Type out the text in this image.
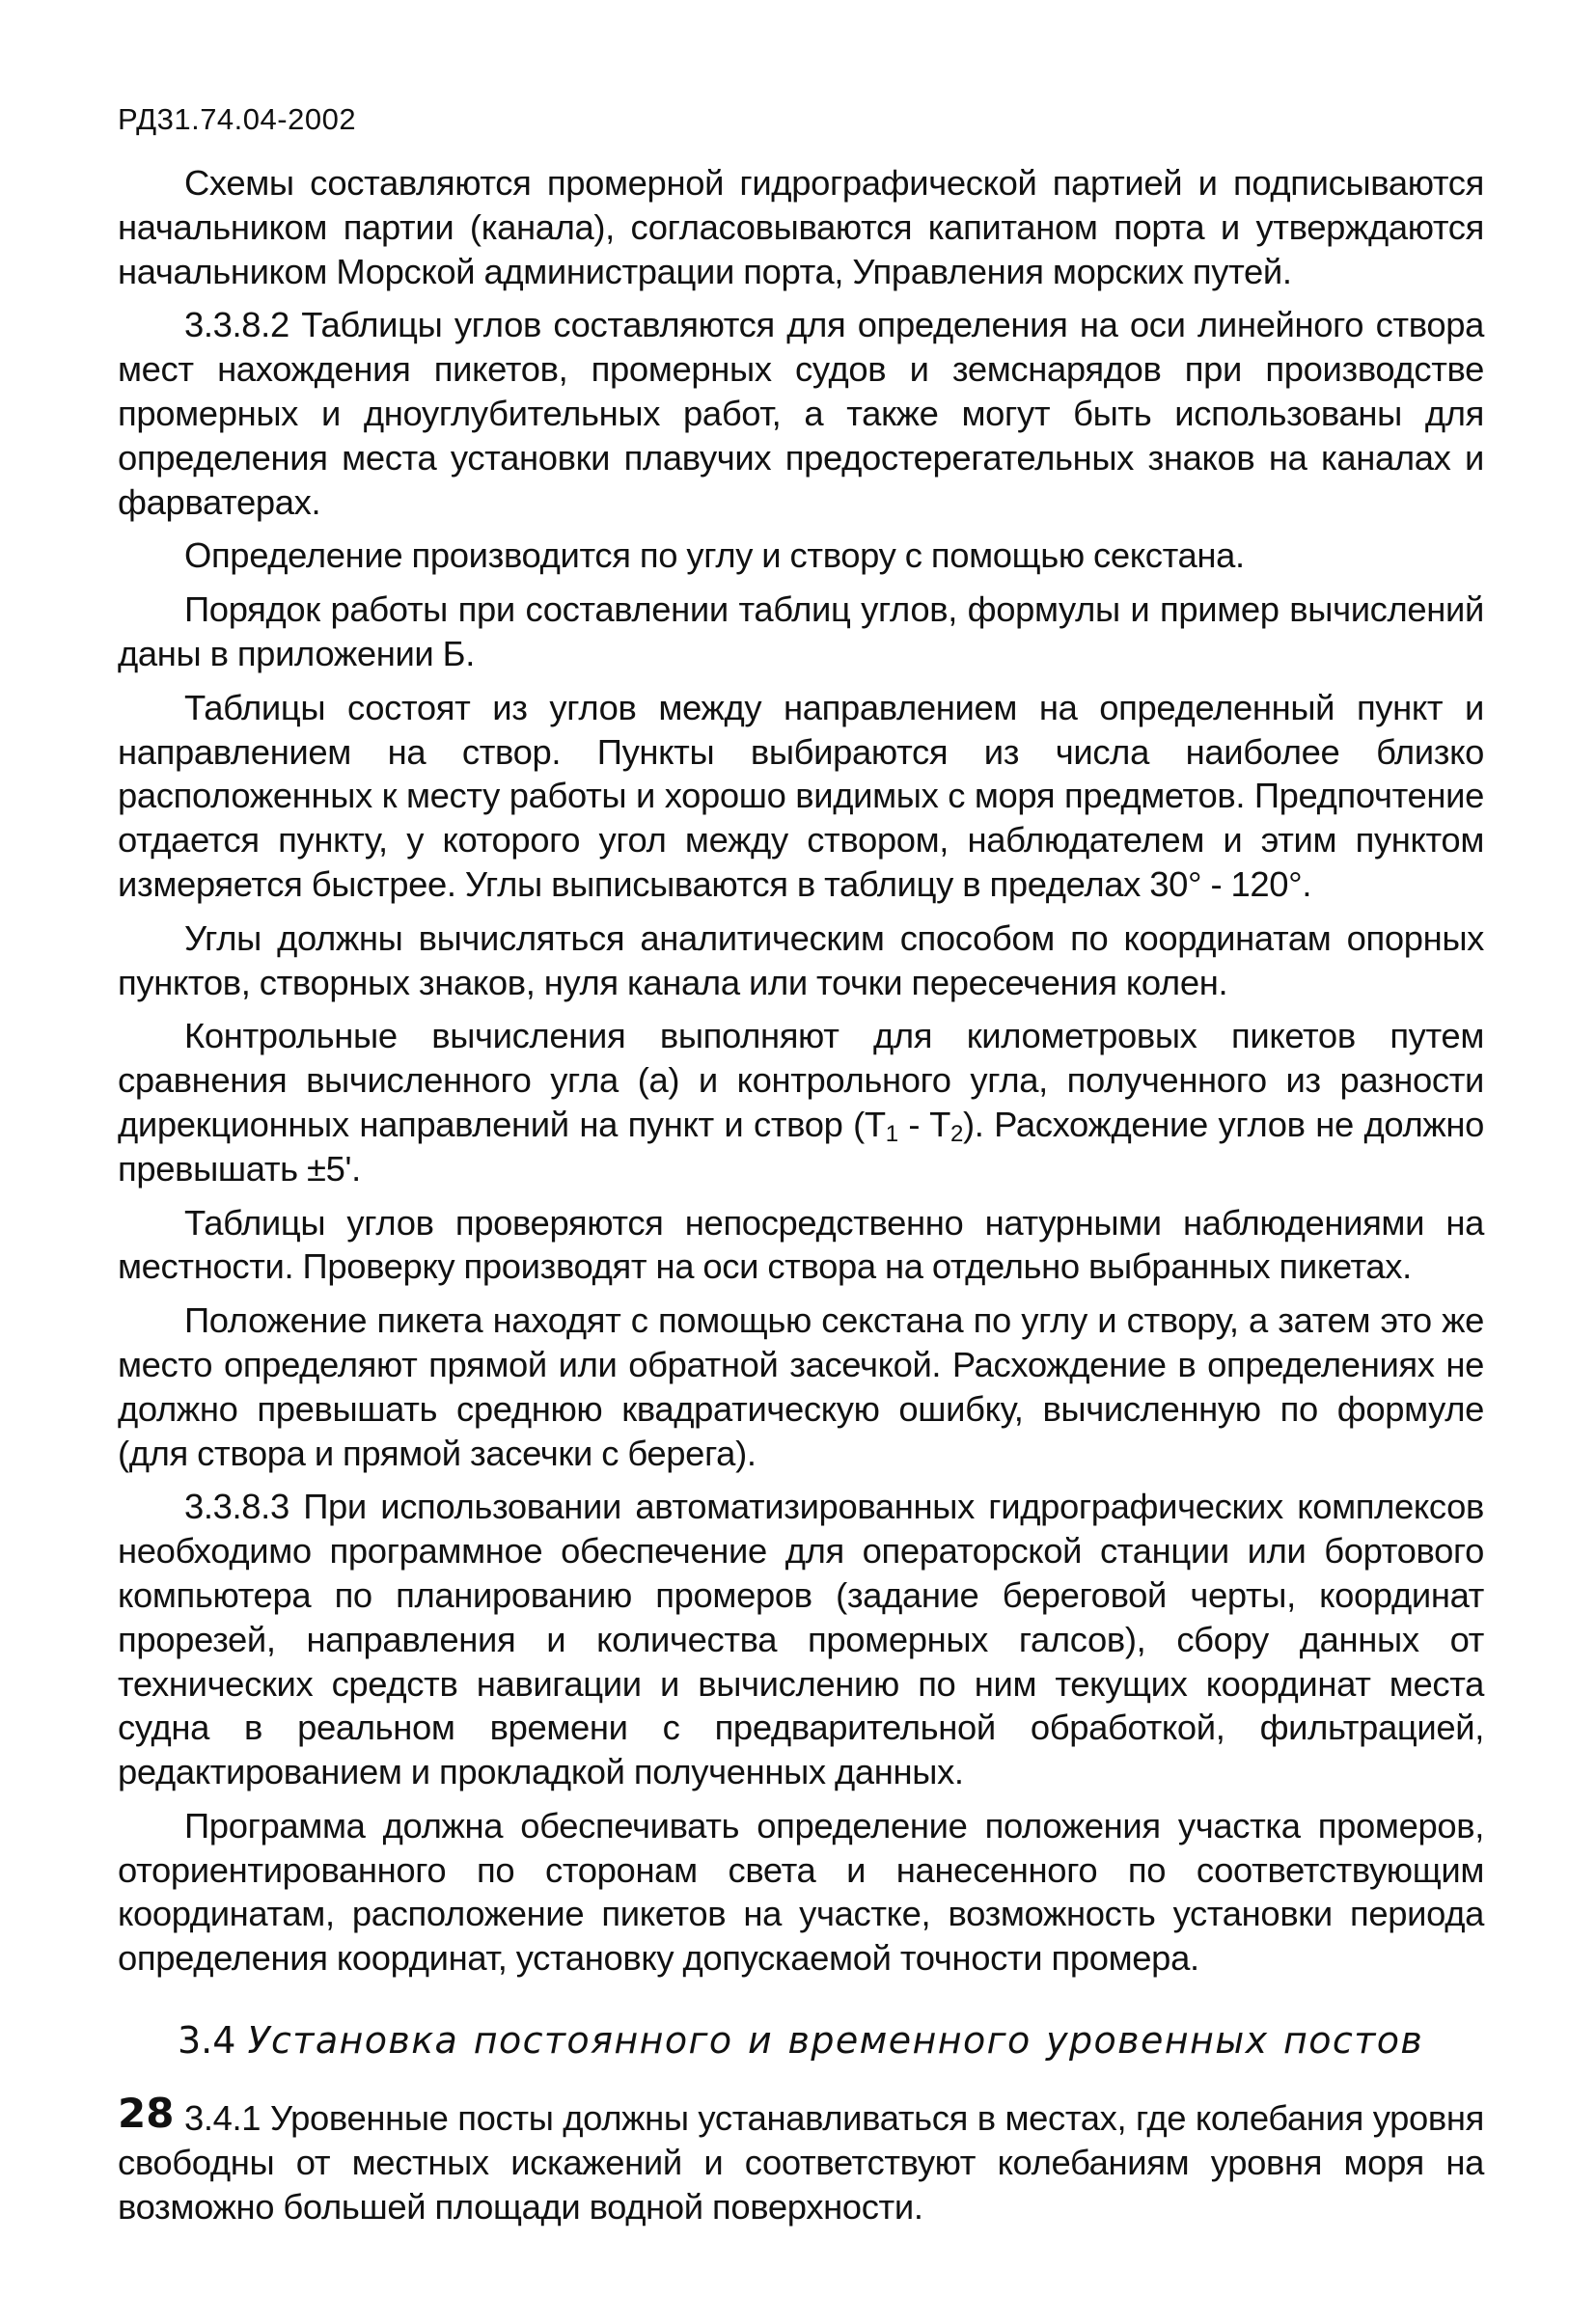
РД31.74.04-2002

Схемы составляются промерной гидрографической партией и подписываются начальником партии (канала), согласовываются капитаном порта и утверждаются начальником Морской администрации порта, Управления морских путей.

3.3.8.2 Таблицы углов составляются для определения на оси линейного створа мест нахождения пикетов, промерных судов и земснарядов при производстве промерных и дноуглубительных работ, а также могут быть использованы для определения места установки плавучих предостерегательных знаков на каналах и фарватерах.

Определение производится по углу и створу с помощью секстана.

Порядок работы при составлении таблиц углов, формулы и пример вычислений даны в приложении Б.

Таблицы состоят из углов между направлением на определенный пункт и направлением на створ. Пункты выбираются из числа наиболее близко расположенных к месту работы и хорошо видимых с моря предметов. Предпочтение отдается пункту, у которого угол между створом, наблюдателем и этим пунктом измеряется быстрее. Углы выписываются в таблицу в пределах 30° - 120°.

Углы должны вычисляться аналитическим способом по координатам опорных пунктов, створных знаков, нуля канала или точки пересечения колен.

Контрольные вычисления выполняют для километровых пикетов путем сравнения вычисленного угла (а) и контрольного угла, полученного из разности дирекционных направлений на пункт и створ $(T_1 - T_2)$. Расхождение углов не должно превышать ±5'.

Таблицы углов проверяются непосредственно натурными наблюдениями на местности. Проверку производят на оси створа на отдельно выбранных пикетах.

Положение пикета находят с помощью секстана по углу и створу, а затем это же место определяют прямой или обратной засечкой. Расхождение в определениях не должно превышать среднюю квадратическую ошибку, вычисленную по формуле (для створа и прямой засечки с берега).

3.3.8.3 При использовании автоматизированных гидрографических комплексов необходимо программное обеспечение для операторской станции или бортового компьютера по планированию промеров (задание береговой черты, координат прорезей, направления и количества промерных галсов), сбору данных от технических средств навигации и вычислению по ним текущих координат места судна в реальном времени с предварительной обработкой, фильтрацией, редактированием и прокладкой полученных данных.

Программа должна обеспечивать определение положения участка промеров, оториентированного по сторонам света и нанесенного по соответствующим координатам, расположение пикетов на участке, возможность установки периода определения координат, установку допускаемой точности промера.

3.4 Установка постоянного и временного уровенных постов

3.4.1 Уровенные посты должны устанавливаться в местах, где колебания уровня свободны от местных искажений и соответствуют колебаниям уровня моря на возможно большей площади водной поверхности.

28
